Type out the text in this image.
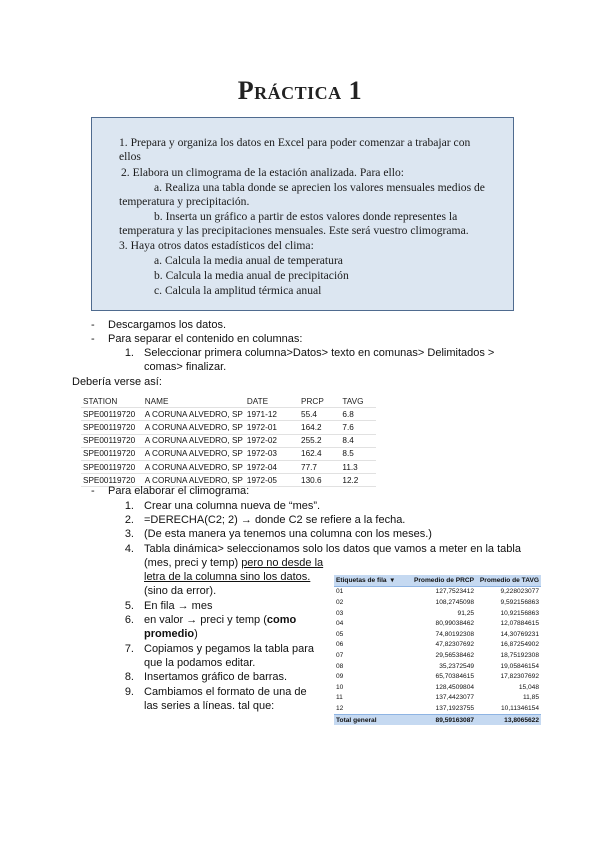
Práctica 1
1. Prepara y organiza los datos en Excel para poder comenzar a trabajar con
ellos
2. Elabora un climograma de la estación analizada. Para ello:
a. Realiza una tabla donde se aprecien los valores mensuales medios de
temperatura y precipitación.
b. Inserta un gráfico a partir de estos valores donde representes la
temperatura y las precipitaciones mensuales. Este será vuestro climograma.
3. Haya otros datos estadísticos del clima:
a. Calcula la media anual de temperatura
b. Calcula la media anual de precipitación
c. Calcula la amplitud térmica anual
- Descargamos los datos.
- Para separar el contenido en columnas:
1. Seleccionar primera columna>Datos> texto en comunas> Delimitados >
comas> finalizar.
Debería verse así:
STATION	NAME	DATE	PRCP	TAVG
SPE00119720	A CORUNA ALVEDRO, SP	1971-12	55.4	6.8
SPE00119720	A CORUNA ALVEDRO, SP	1972-01	164.2	7.6
SPE00119720	A CORUNA ALVEDRO, SP	1972-02	255.2	8.4
SPE00119720	A CORUNA ALVEDRO, SP	1972-03	162.4	8.5
SPE00119720	A CORUNA ALVEDRO, SP	1972-04	77.7	11.3
SPE00119720	A CORUNA ALVEDRO, SP	1972-05	130.6	12.2
- Para elaborar el climograma:
1. Crear una columna nueva de “mes”.
2. =DERECHA(C2; 2) → donde C2 se refiere a la fecha.
3. (De esta manera ya tenemos una columna con los meses.)
4. Tabla dinámica> seleccionamos solo los datos que vamos a meter en la tabla
(mes, preci y temp) pero no desde la
letra de la columna sino los datos.
(sino da error).
5. En fila → mes
6. en valor → preci y temp (como
promedio)
7. Copiamos y pegamos la tabla para
que la podamos editar.
8. Insertamos gráfico de barras.
9. Cambiamos el formato de una de
las series a líneas. tal que:
Etiquetas de fila	▾	Promedio de PRCP	Promedio de TAVG
01		127,7523412	9,228023077
02		108,2745098	9,592156863
03		91,25	10,92156863
04		80,99038462	12,07884615
05		74,80192308	14,30769231
06		47,82307692	16,87254902
07		29,56538462	18,75192308
08		35,2372549	19,05846154
09		65,70384615	17,82307692
10		128,4509804	15,048
11		137,4423077	11,85
12		137,1923755	10,11346154
Total general		89,59163087	13,8065622
